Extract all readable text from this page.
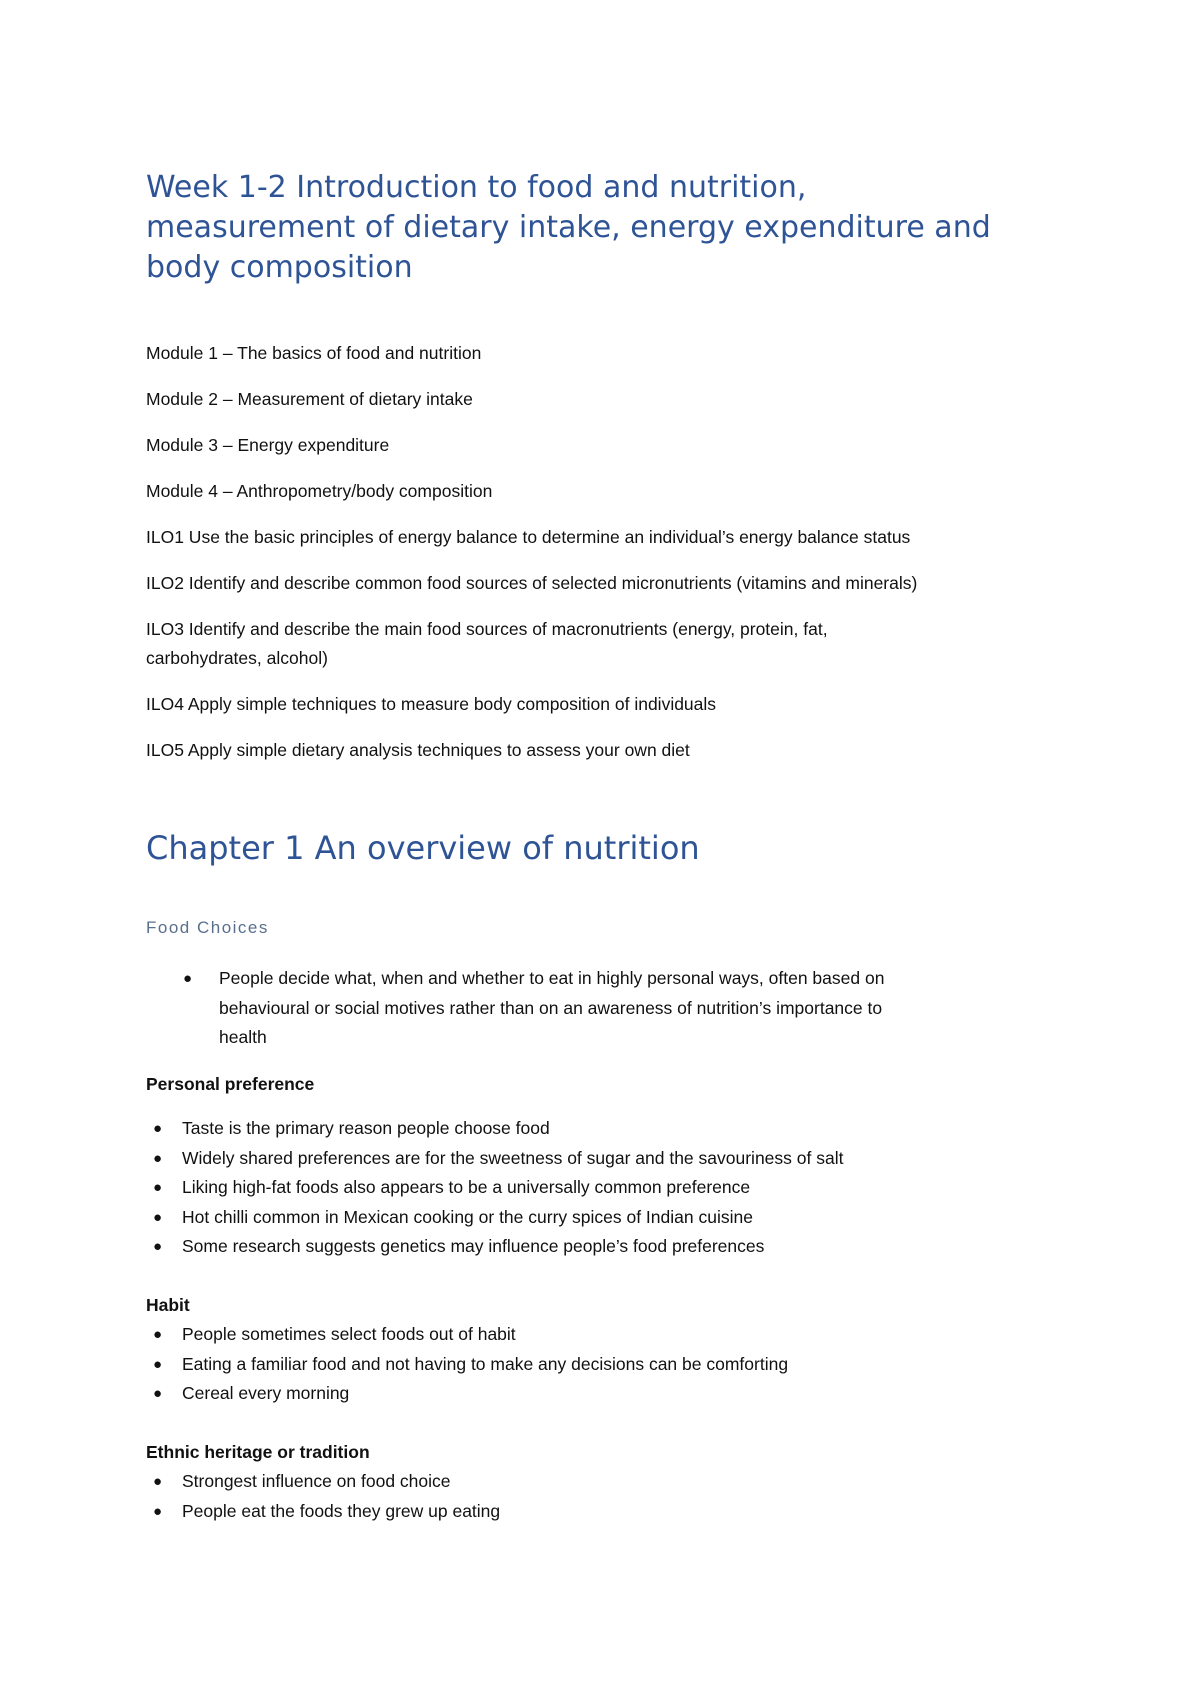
Week 1-2 Introduction to food and nutrition,
measurement of dietary intake, energy expenditure and
body composition

Module 1 – The basics of food and nutrition

Module 2 – Measurement of dietary intake

Module 3 – Energy expenditure

Module 4 – Anthropometry/body composition

ILO1 Use the basic principles of energy balance to determine an individual’s energy balance status

ILO2 Identify and describe common food sources of selected micronutrients (vitamins and minerals)

ILO3 Identify and describe the main food sources of macronutrients (energy, protein, fat,

carbohydrates, alcohol)

ILO4 Apply simple techniques to measure body composition of individuals

ILO5 Apply simple dietary analysis techniques to assess your own diet

Chapter 1 An overview of nutrition
Food Choices
● People decide what, when and whether to eat in highly personal ways, often based on
behavioural or social motives rather than on an awareness of nutrition’s importance to
health
Personal preference
● Taste is the primary reason people choose food
● Widely shared preferences are for the sweetness of sugar and the savouriness of salt
● Liking high-fat foods also appears to be a universally common preference
● Hot chilli common in Mexican cooking or the curry spices of Indian cuisine
● Some research suggests genetics may influence people’s food preferences
Habit
● People sometimes select foods out of habit
● Eating a familiar food and not having to make any decisions can be comforting
● Cereal every morning
Ethnic heritage or tradition
● Strongest influence on food choice
● People eat the foods they grew up eating
